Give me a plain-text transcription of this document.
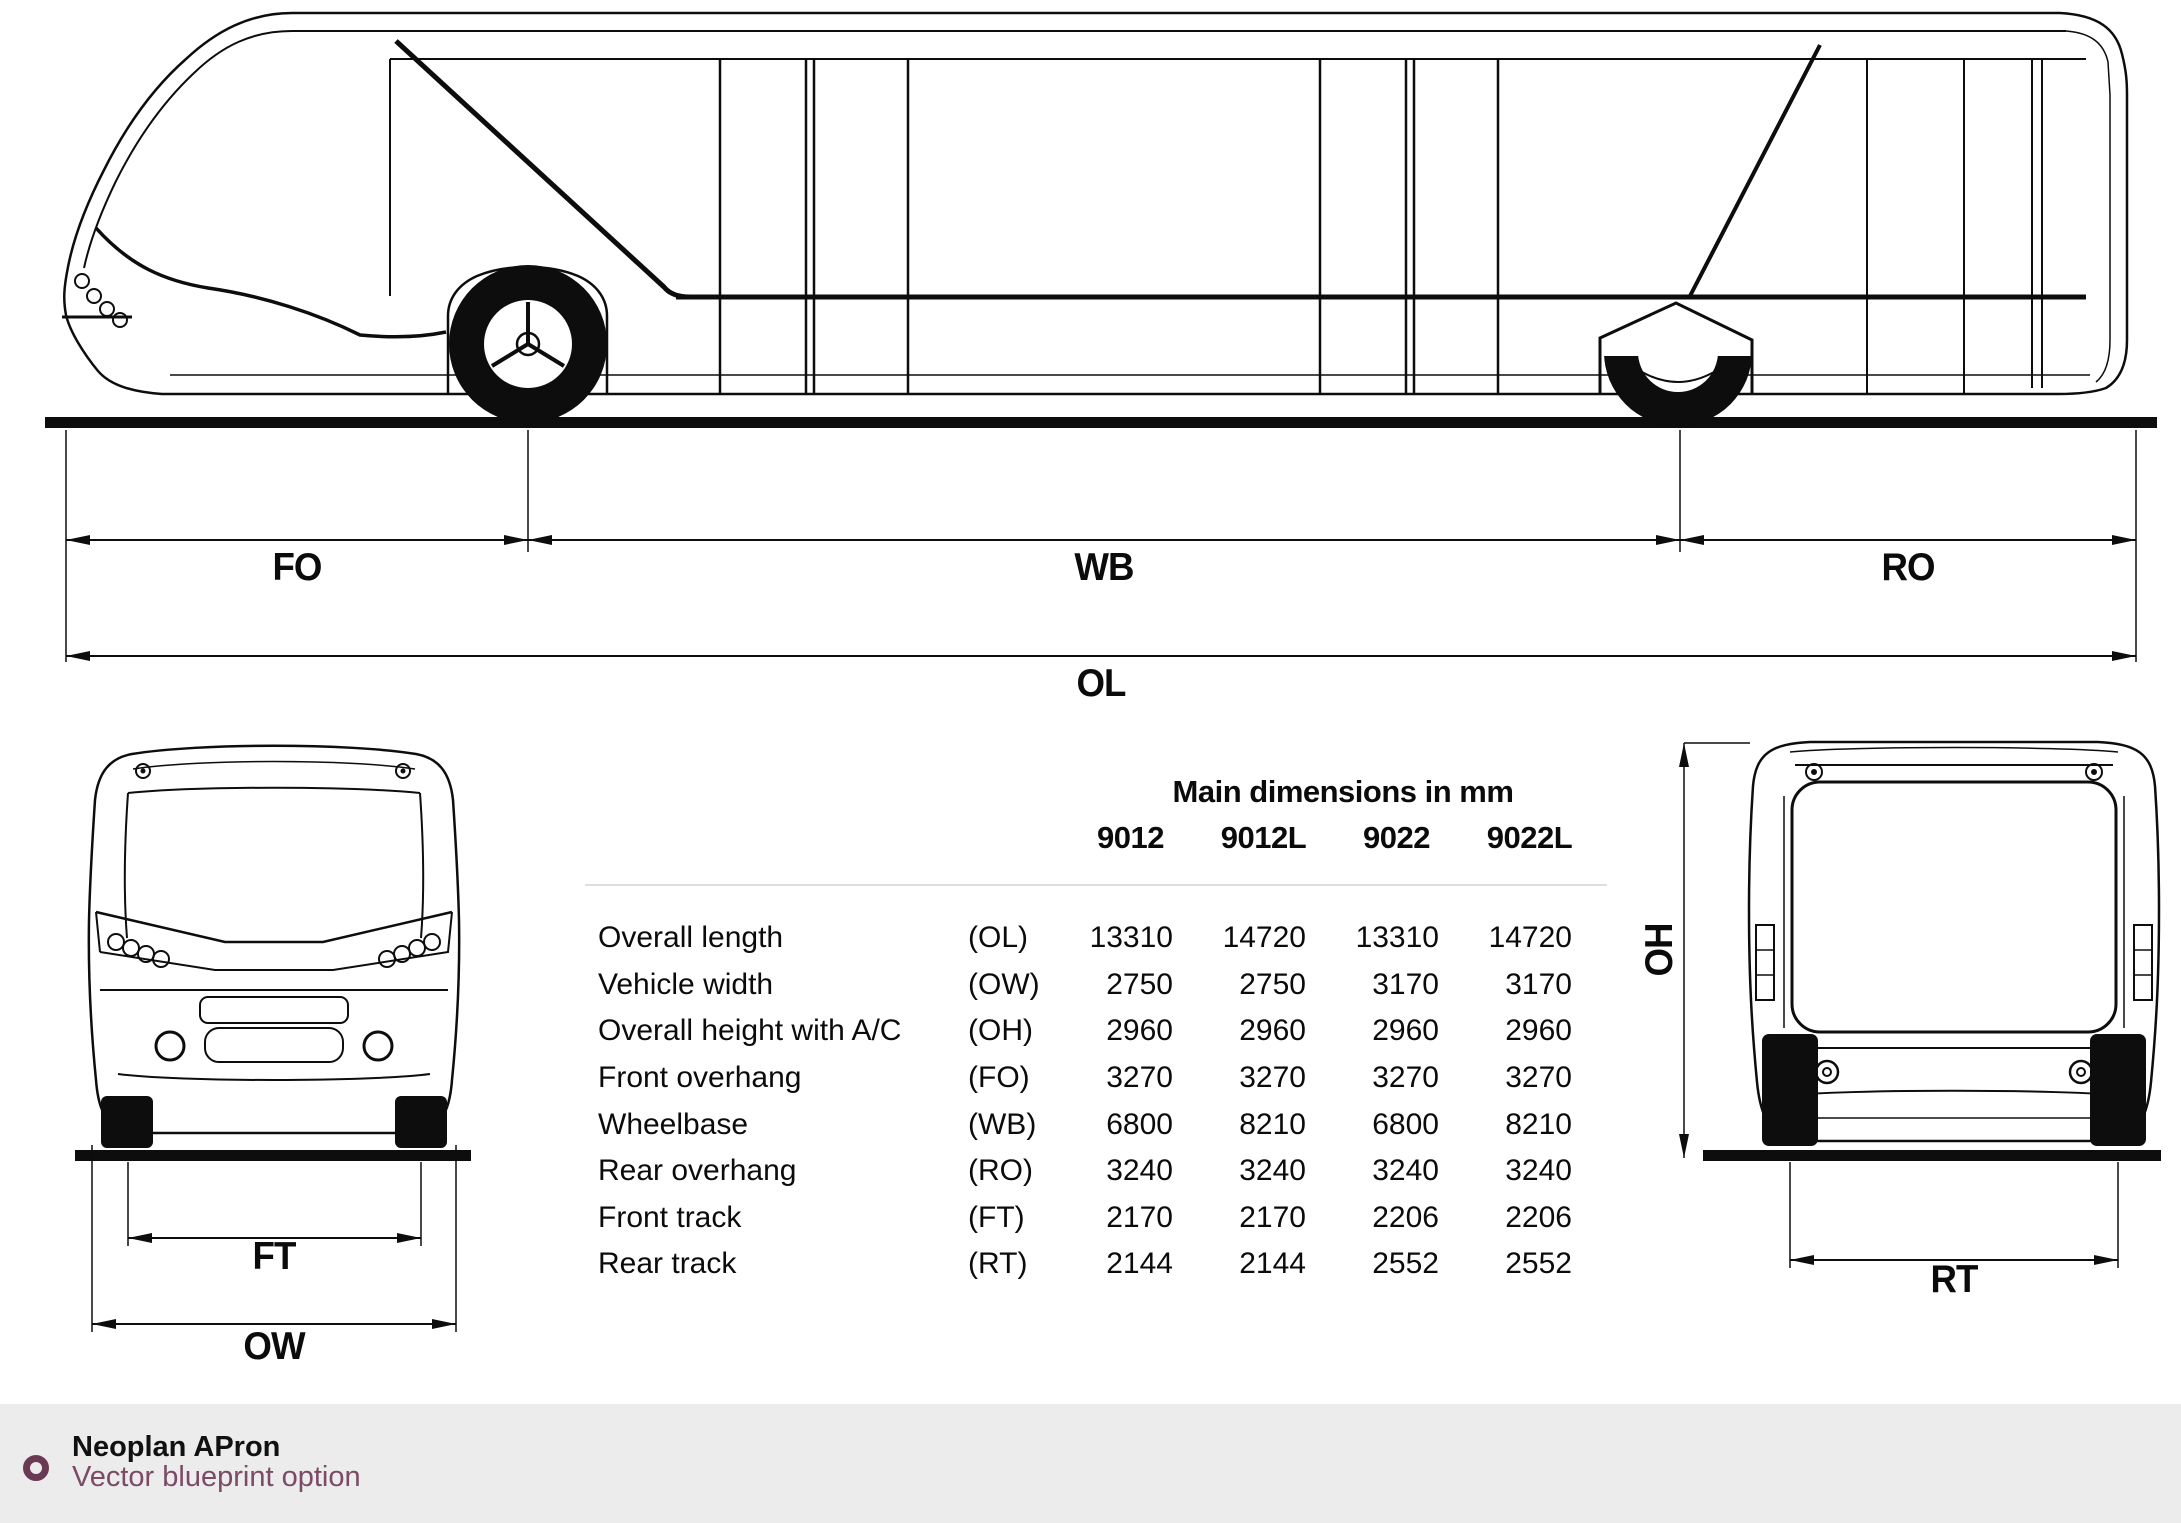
FO	WB	RO
OL
FT
OW
OH
RT
Main dimensions in mm
9012	9012L	9022	9022L
Overall length	(OL)	13310	14720	13310	14720
Vehicle width	(OW)	2750	2750	3170	3170
Overall height with A/C	(OH)	2960	2960	2960	2960
Front overhang	(FO)	3270	3270	3270	3270
Wheelbase	(WB)	6800	8210	6800	8210
Rear overhang	(RO)	3240	3240	3240	3240
Front track	(FT)	2170	2170	2206	2206
Rear track	(RT)	2144	2144	2552	2552
Neoplan APron
Vector blueprint option
